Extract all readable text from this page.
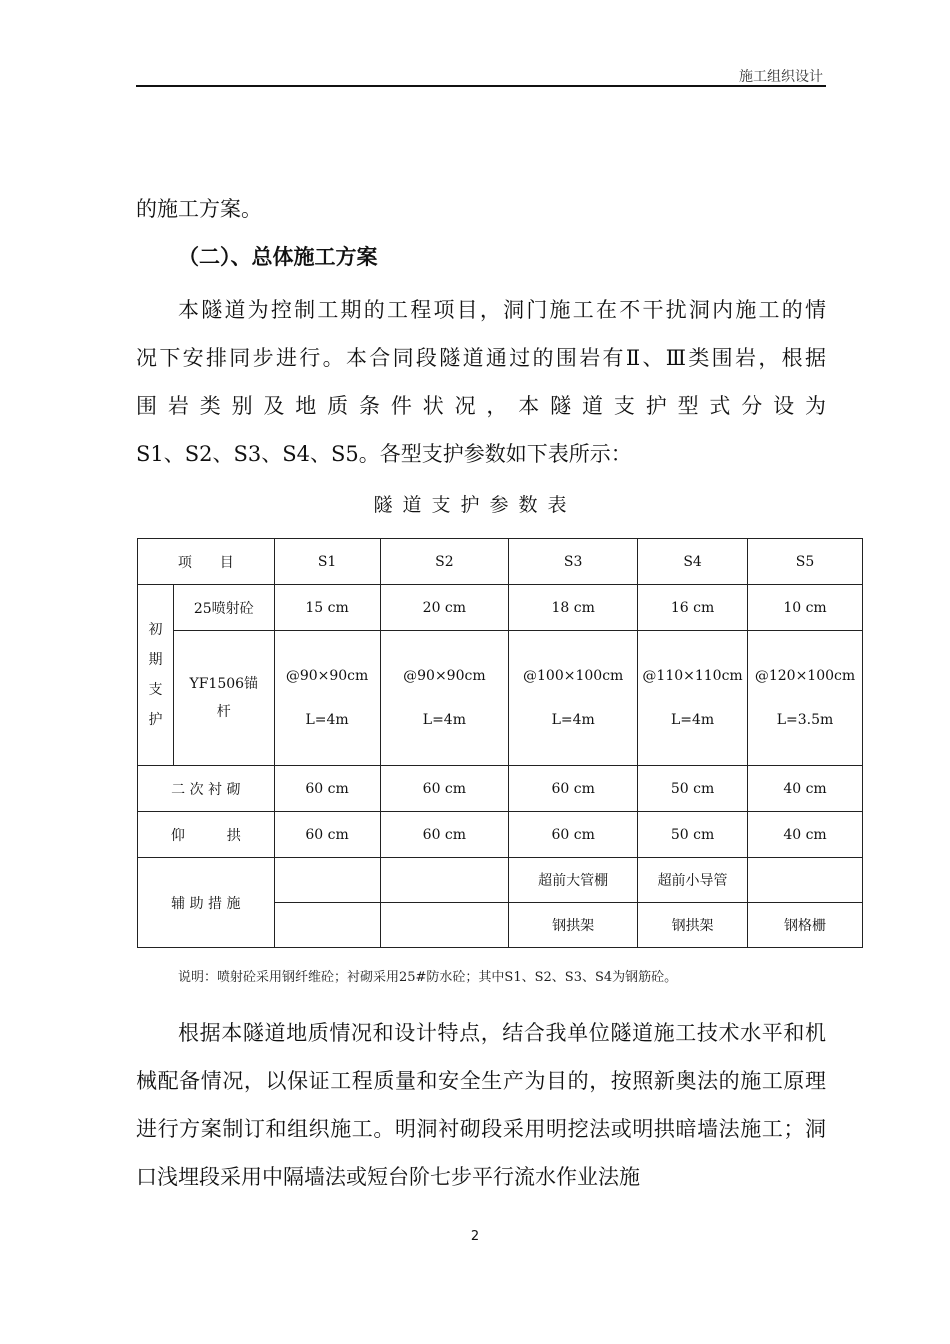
施工组织设计

的施工方案。

（二）、总体施工方案

本隧道为控制工期的工程项目，洞门施工在不干扰洞内施工的情
况下安排同步进行。本合同段隧道通过的围岩有Ⅱ、Ⅲ类围岩，根据
围岩类别及地质条件状况，本隧道支护型式分设为
S1、S2、S3、S4、S5。各型支护参数如下表所示：
隧道支护参数表
项　　目		S1	S2	S3	S4	S5

初
期
支
护	25喷射砼	15 cm	20 cm	18 cm	16 cm	10 cm

	YF1506锚
杆	@90×90cm
L=4m	@90×90cm
L=4m	@100×100cm
L=4m	@110×110cm
L=4m	@120×100cm
L=3.5m

二 次 衬 砌		60 cm	60 cm	60 cm	50 cm	40 cm
仰　　　拱		60 cm	60 cm	60 cm	50 cm	40 cm
辅 助 措 施				超前大管棚	超前小导管	
				钢拱架	钢拱架	钢格栅
说明：喷射砼采用钢纤维砼；衬砌采用25#防水砼；其中S1、S2、S3、S4为钢筋砼。

根据本隧道地质情况和设计特点，结合我单位隧道施工技术水平和机械配备情况，以保证工程质量和安全生产为目的，按照新奥法的施工原理进行方案制订和组织施工。明洞衬砌段采用明挖法或明拱暗墙法施工；洞口浅埋段采用中隔墙法或短台阶七步平行流水作业法施

2
